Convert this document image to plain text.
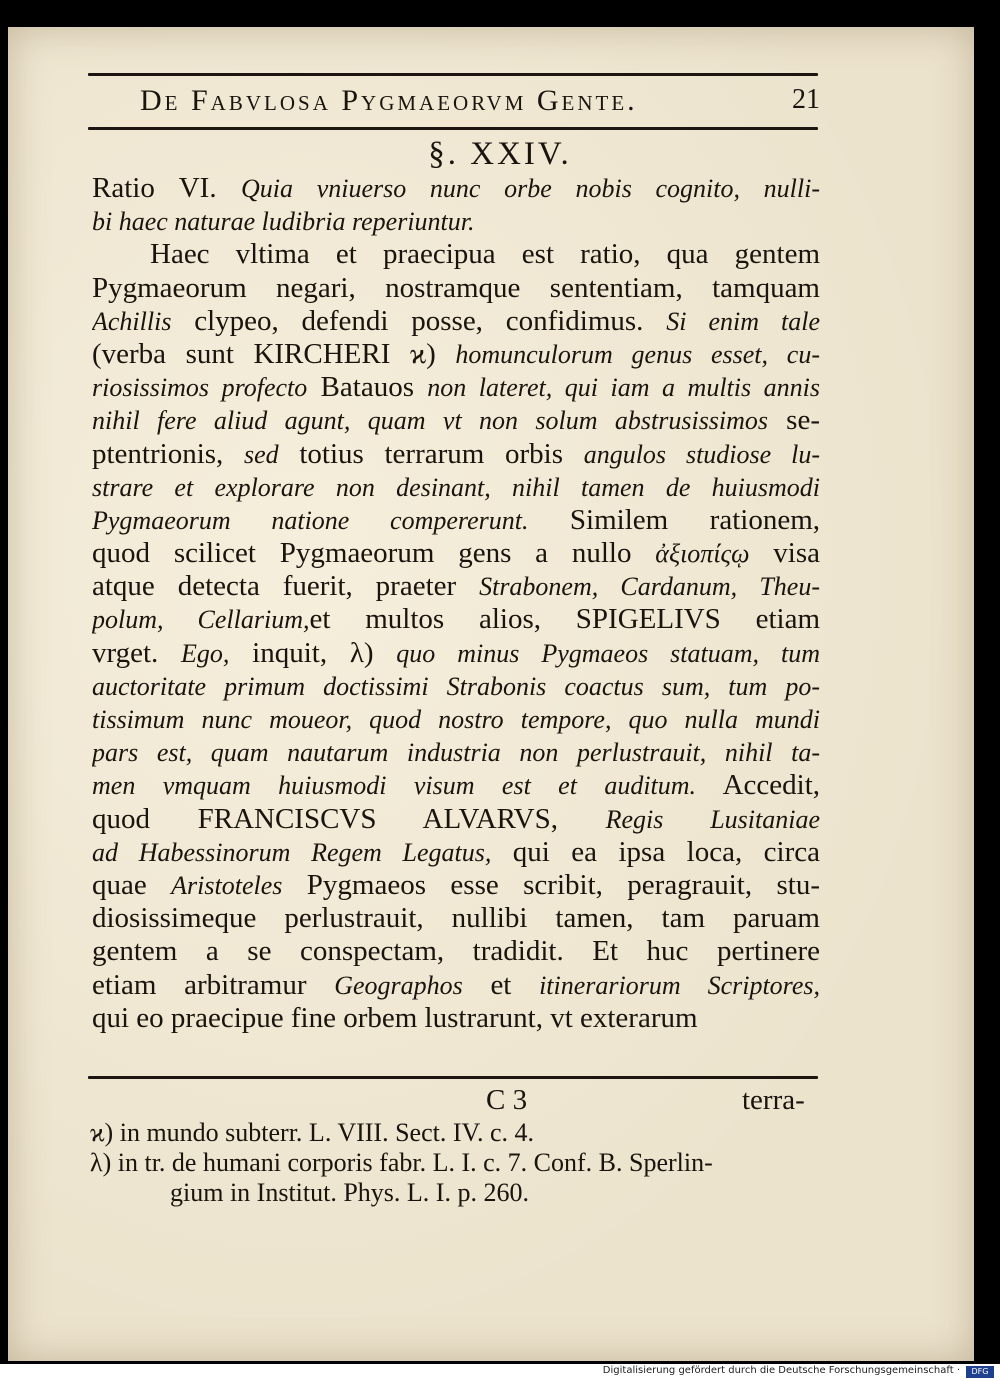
De Fabvlosa Pygmaeorvm Gente.	21
§. XXIV.
Ratio VI. Quia vniuerso nunc orbe nobis cognito, nulli-
bi haec naturae ludibria reperiuntur.
Haec vltima et praecipua est ratio, qua gentem
Pygmaeorum negari, nostramque sententiam, tamquam
Achillis clypeo, defendi posse, confidimus. Si enim tale
(verba sunt KIRCHERI ϰ) homunculorum genus esset, cu-
riosissimos profecto Batauos non lateret, qui iam a multis annis
nihil fere aliud agunt, quam vt non solum abstrusissimos se-
ptentrionis, sed totius terrarum orbis angulos studiose lu-
strare et explorare non desinant, nihil tamen de huiusmodi
Pygmaeorum natione compererunt. Similem rationem,
quod scilicet Pygmaeorum gens a nullo ἀξιοπίςῳ visa
atque detecta fuerit, praeter Strabonem, Cardanum, Theu-
polum, Cellarium,et multos alios, SPIGELIVS etiam
vrget. Ego, inquit, λ) quo minus Pygmaeos statuam, tum
auctoritate primum doctissimi Strabonis coactus sum, tum po-
tissimum nunc moueor, quod nostro tempore, quo nulla mundi
pars est, quam nautarum industria non perlustrauit, nihil ta-
men vmquam huiusmodi visum est et auditum. Accedit,
quod FRANCISCVS ALVARVS, Regis Lusitaniae
ad Habessinorum Regem Legatus, qui ea ipsa loca, circa
quae Aristoteles Pygmaeos esse scribit, peragrauit, stu-
diosissimeque perlustrauit, nullibi tamen, tam paruam
gentem a se conspectam, tradidit. Et huc pertinere
etiam arbitramur Geographos et itinerariorum Scriptores,
qui eo praecipue fine orbem lustrarunt, vt exterarum
C 3	terra-
ϰ) in mundo subterr. L. VIII. Sect. IV. c. 4.
λ) in tr. de humani corporis fabr. L. I. c. 7. Conf. B. Sperlin-
gium in Institut. Phys. L. I. p. 260.
Digitalisierung gefördert durch die Deutsche Forschungsgemeinschaft ·	DFG
